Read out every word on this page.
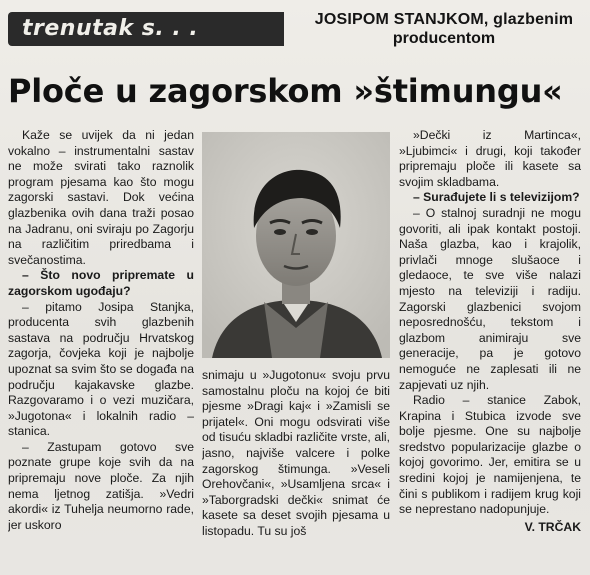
trenutak s. . .	JOSIPOM STANJKOM, glazbenim
producentom
Ploče u zagorskom »štimungu«

Kaže se uvijek da ni jedan vokalno – instrumentalni sastav ne može svirati tako raznolik program pjesama kao što mogu zagorski sastavi. Dok većina glazbenika ovih dana traži posao na Jadranu, oni sviraju po Zagorju na različitim priredbama i svečanostima.

– Što novo pripremate u zagorskom ugođaju?

– pitamo Josipa Stanjka, producenta svih glazbenih sastava na području Hrvatskog zagorja, čovjeka koji je najbolje upoznat sa svim što se događa na području kajakavske glazbe. Razgovaramo i o vezi muzičara, »Jugotona« i lokalnih radio – stanica.

– Zastupam gotovo sve poznate grupe koje svih da na pripremaju nove ploče. Za njih nema ljetnog zatišja. »Vedri akordi« iz Tuhelja neumorno rade, jer uskoro

snimaju u »Jugotonu« svoju prvu samostalnu ploču na kojoj će biti pjesme »Dragi kaj« i »Zamisli se prijatel«. Oni mogu odsvirati više od tisuću skladbi različite vrste, ali, jasno, najviše valcere i polke zagorskog štimunga. »Veseli Orehovčani«, »Usamljena srca« i »Taborgradski dečki« snimat će kasete sa deset svojih pjesama u listopadu. Tu su još

»Dečki iz Martinca«, »Ljubimci« i drugi, koji također pripremaju ploče ili kasete sa svojim skladbama.

– Surađujete li s televizijom?

– O stalnoj suradnji ne mogu govoriti, ali ipak kontakt postoji. Naša glazba, kao i krajolik, privlači mnoge slušaoce i gledaoce, te sve više nalazi mjesto na televiziji i radiju. Zagorski glazbenici svojom neposrednošću, tekstom i glazbom animiraju sve generacije, pa je gotovo nemoguće ne zaplesati ili ne zapjevati uz njih.

Radio – stanice Zabok, Krapina i Stubica izvode sve bolje pjesme. One su najbolje sredstvo popularizacije glazbe o kojoj govorimo. Jer, emitira se u sredini kojoj je namijenjena, te čini s publikom i radijem krug koji se neprestano nadopunjuje.

V. TRČAK
